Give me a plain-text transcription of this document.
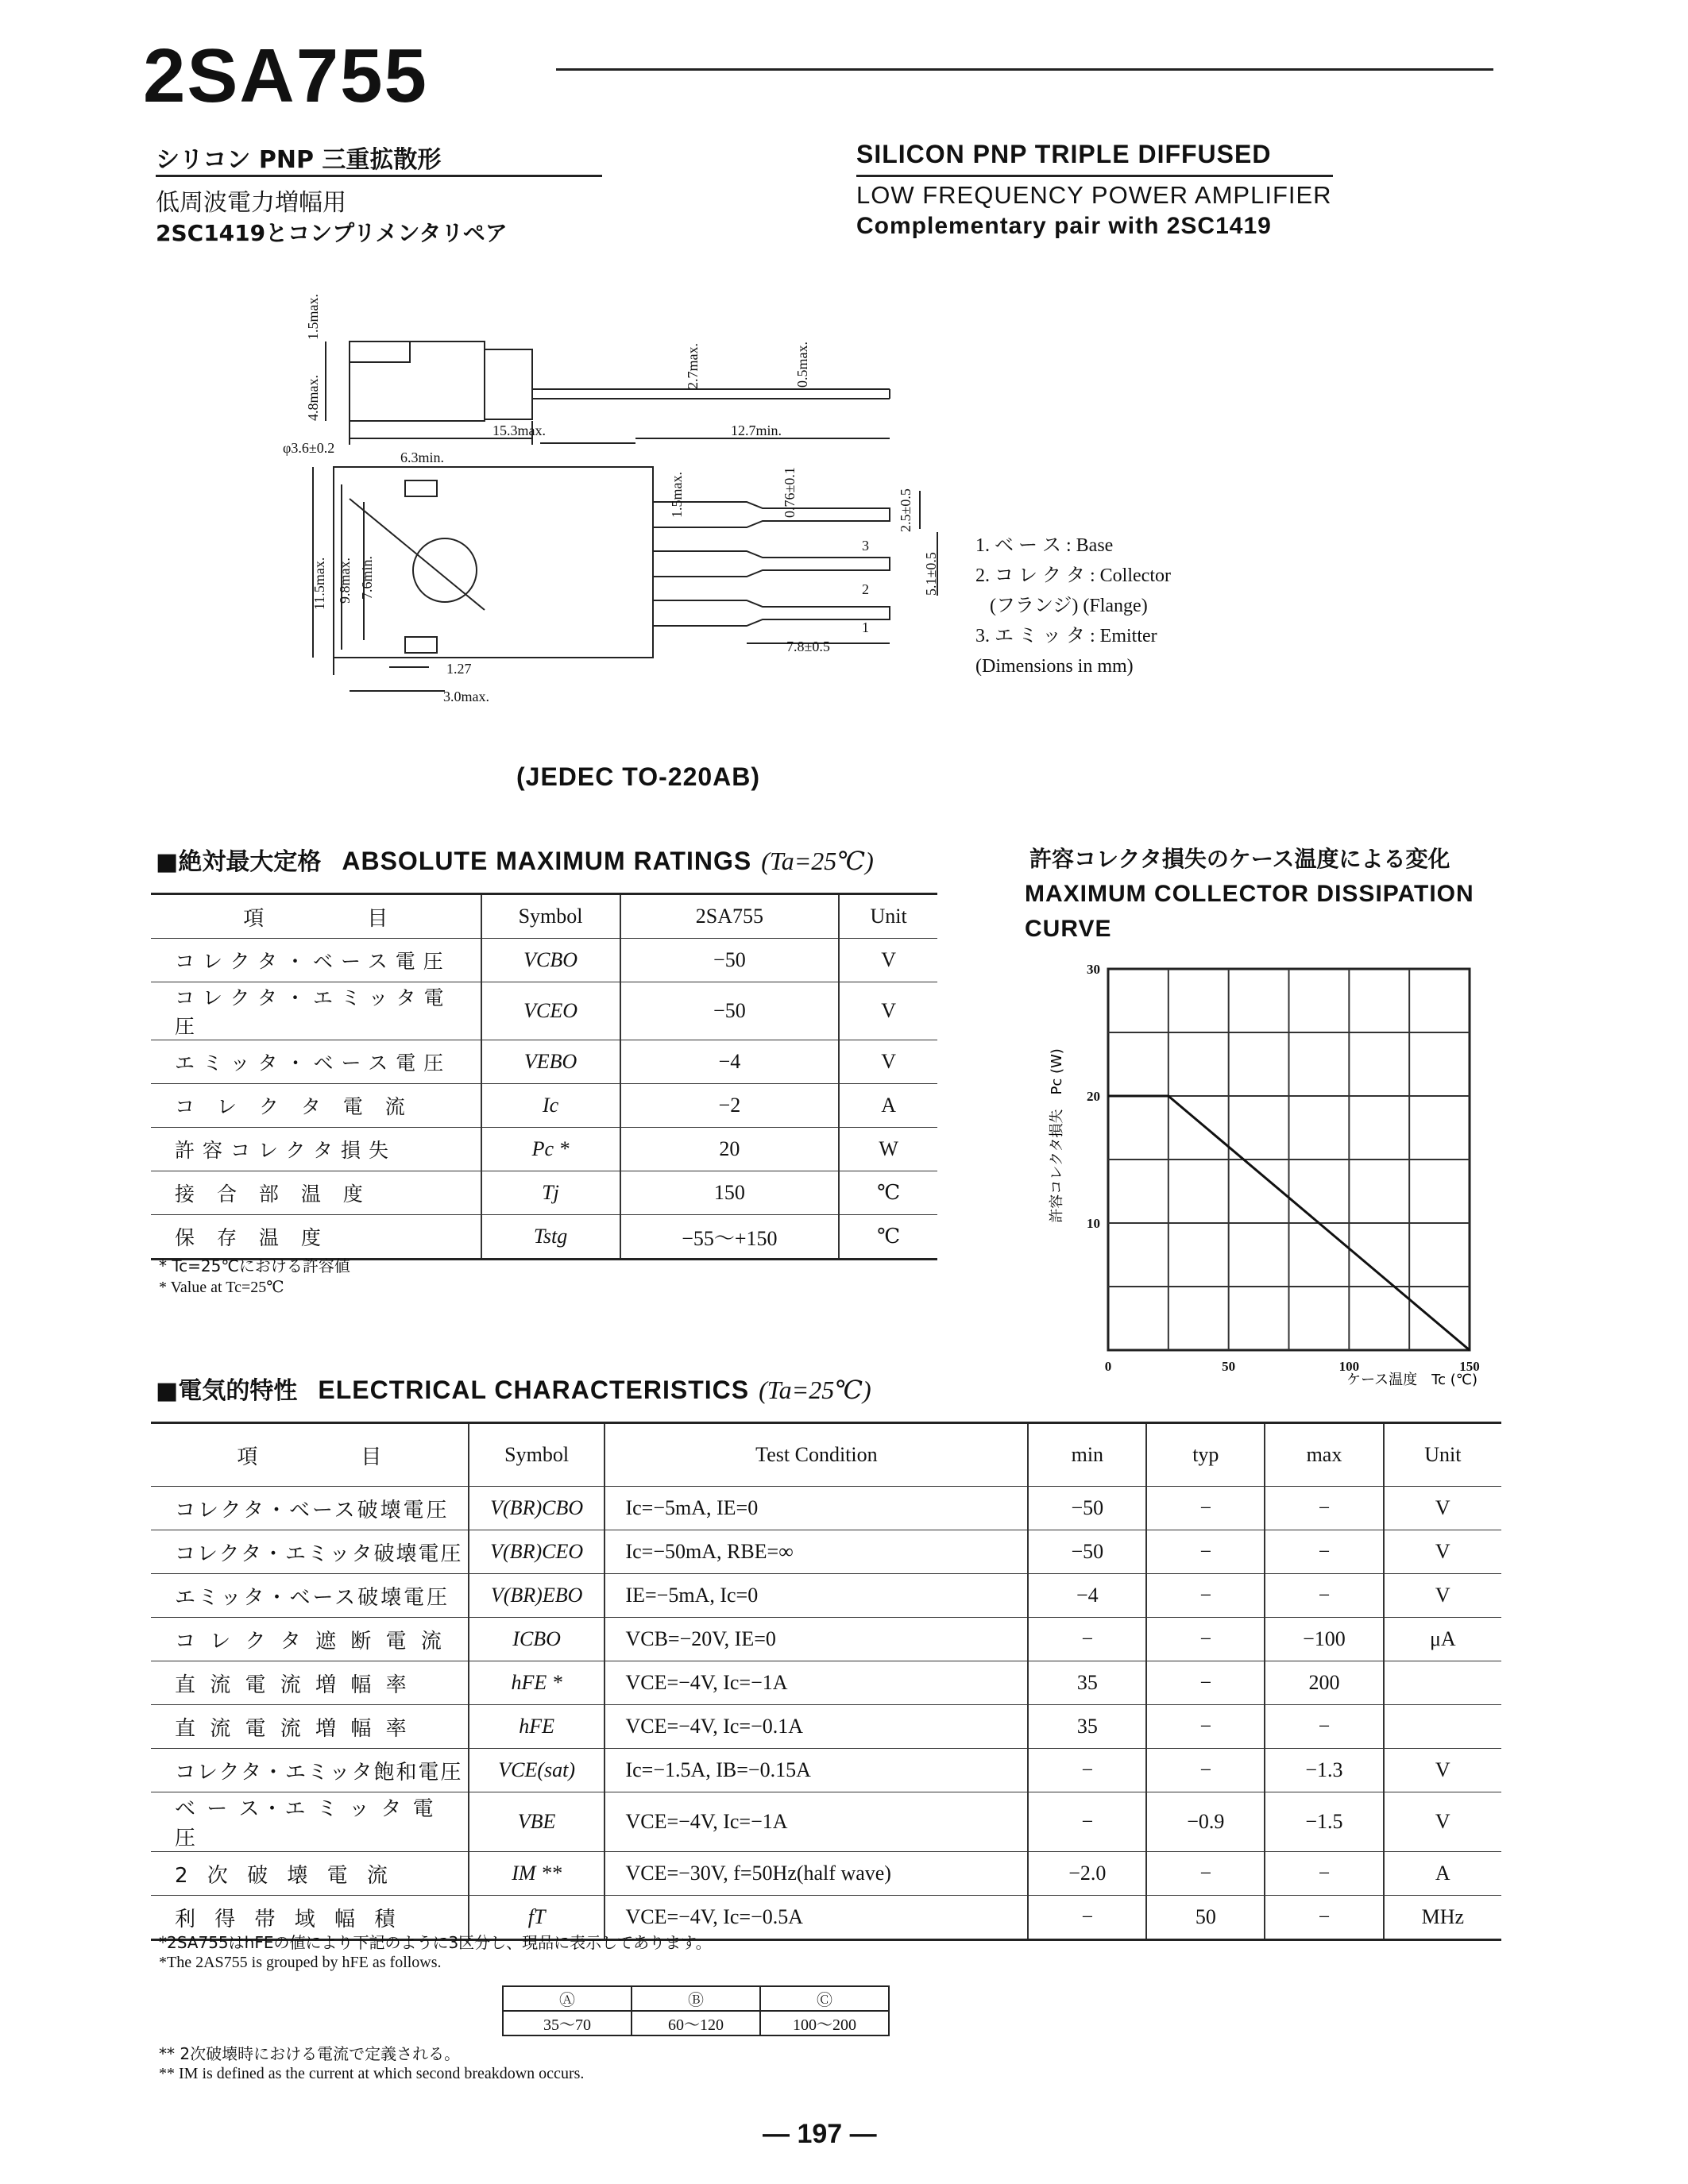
2SA755
シリコン PNP 三重拡散形
低周波電力増幅用
2SC1419とコンプリメンタリペア
SILICON PNP TRIPLE DIFFUSED
LOW FREQUENCY POWER AMPLIFIER
Complementary pair with 2SC1419
1.5max.
4.8max.
2.7max.	0.5max.
15.3max.	12.7min.
φ3.6±0.2
6.3min.
1.5max.	0.76±0.1	2.5±0.5
11.5max. 9.8max. 7.6min.	5.1±0.5
7.8±0.5
1.27
3.0max.
3
2
1
1. ベ ー ス : Base
2. コ レ ク タ : Collector
(フランジ) (Flange)
3. エ ミ ッ タ : Emitter
(Dimensions in mm)
(JEDEC TO-220AB)
■絶対最大定格 ABSOLUTE MAXIMUM RATINGS (Ta=25℃)
項　　　　　目	Symbol	2SA755	Unit
コレクタ・ベース電圧	VCBO	−50	V
コレクタ・エミッタ電圧	VCEO	−50	V
エミッタ・ベース電圧	VEBO	−4	V
コ レ ク タ 電 流	Ic	−2	A
許容コレクタ損失	Pc *	20	W
接 合 部 温 度	Tj	150	℃
保 存 温 度	Tstg	−55〜+150	℃
* Tc=25℃における許容値
* Value at Tc=25℃
許容コレクタ損失のケース温度による変化
MAXIMUM COLLECTOR DISSIPATION CURVE
0	50	100	150
10
20
30
ケース温度　Tc (℃)
許容コレクタ損失　Pc (W)
■電気的特性 ELECTRICAL CHARACTERISTICS (Ta=25℃)
項　　　　　目	Symbol	Test Condition	min	typ	max	Unit
コレクタ・ベース破壊電圧	V(BR)CBO	Ic=−5mA, IE=0	−50	−	−	V
コレクタ・エミッタ破壊電圧	V(BR)CEO	Ic=−50mA, RBE=∞	−50	−	−	V
エミッタ・ベース破壊電圧	V(BR)EBO	IE=−5mA, Ic=0	−4	−	−	V
コ レ ク タ 遮 断 電 流	ICBO	VCB=−20V, IE=0	−	−	−100	μA
直 流 電 流 増 幅 率	hFE *	VCE=−4V, Ic=−1A	35	−	200	
直 流 電 流 増 幅 率	hFE	VCE=−4V, Ic=−0.1A	35	−	−	
コレクタ・エミッタ飽和電圧	VCE(sat)	Ic=−1.5A, IB=−0.15A	−	−	−1.3	V
ベ ー ス・エ ミ ッ タ 電 圧	VBE	VCE=−4V, Ic=−1A	−	−0.9	−1.5	V
2 次 破 壊 電 流	IM **	VCE=−30V, f=50Hz(half wave)	−2.0	−	−	A
利 得 帯 域 幅 積	fT	VCE=−4V, Ic=−0.5A	−	50	−	MHz
*2SA755はhFEの値により下記のように3区分し、現品に表示してあります。
*The 2AS755 is grouped by hFE as follows.
Ⓐ	Ⓑ	Ⓒ
35〜70	60〜120	100〜200
** 2次破壊時における電流で定義される。
** IM is defined as the current at which second breakdown occurs.
— 197 —
